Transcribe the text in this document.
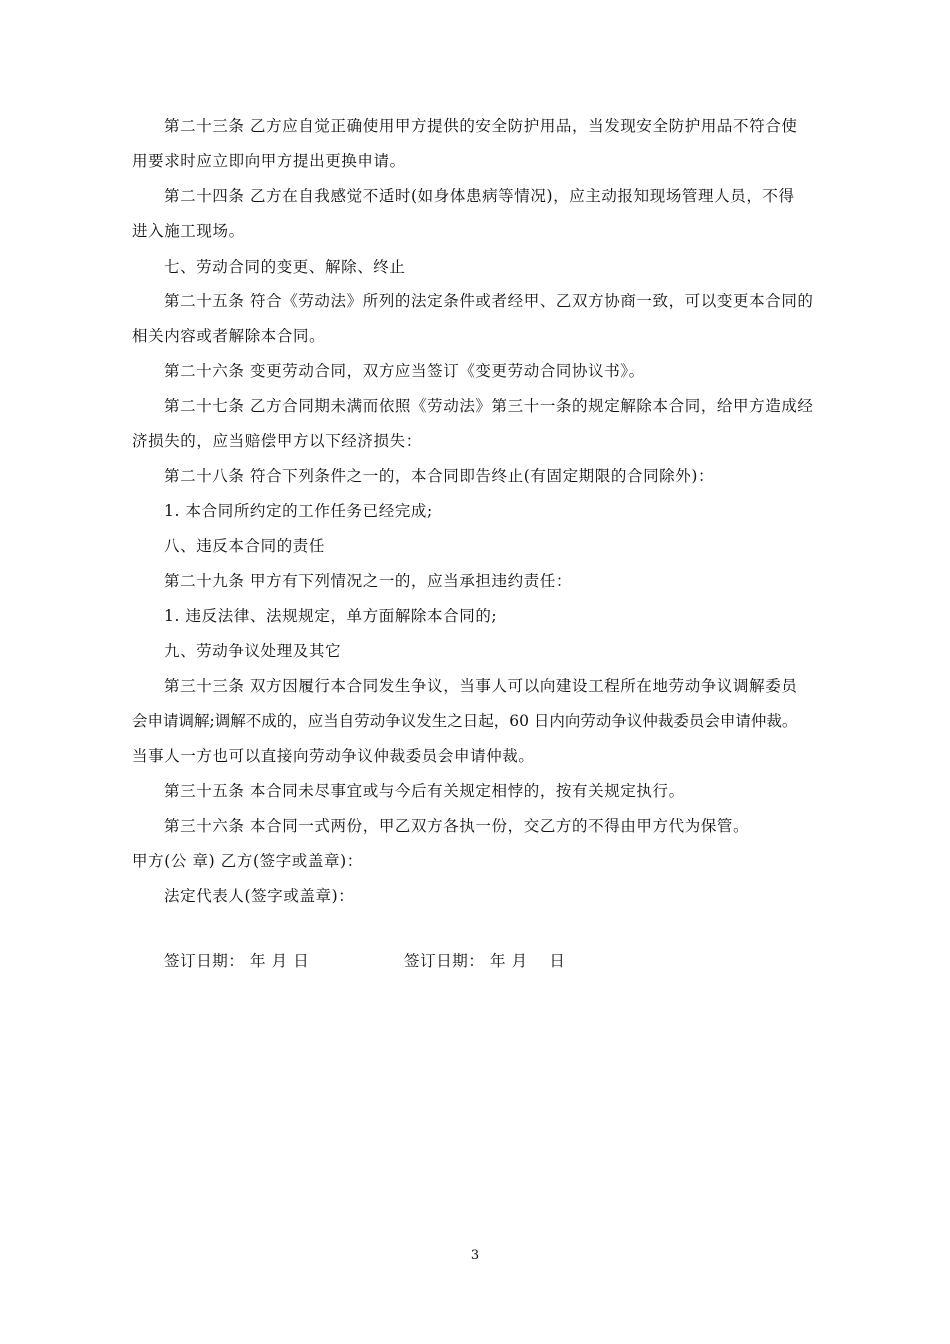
第二十三条 乙方应自觉正确使用甲方提供的安全防护用品，当发现安全防护用品不符合使
用要求时应立即向甲方提出更换申请。
第二十四条 乙方在自我感觉不适时(如身体患病等情况)，应主动报知现场管理人员，不得
进入施工现场。
七、劳动合同的变更、解除、终止
第二十五条 符合《劳动法》所列的法定条件或者经甲、乙双方协商一致，可以变更本合同的
相关内容或者解除本合同。
第二十六条 变更劳动合同，双方应当签订《变更劳动合同协议书》。
第二十七条 乙方合同期未满而依照《劳动法》第三十一条的规定解除本合同，给甲方造成经
济损失的，应当赔偿甲方以下经济损失：
第二十八条 符合下列条件之一的，本合同即告终止(有固定期限的合同除外)：
1. 本合同所约定的工作任务已经完成;
八、违反本合同的责任
第二十九条 甲方有下列情况之一的，应当承担违约责任：
1. 违反法律、法规规定，单方面解除本合同的;
九、劳动争议处理及其它
第三十三条 双方因履行本合同发生争议，当事人可以向建设工程所在地劳动争议调解委员
会申请调解;调解不成的，应当自劳动争议发生之日起，60 日内向劳动争议仲裁委员会申请仲裁。
当事人一方也可以直接向劳动争议仲裁委员会申请仲裁。
第三十五条 本合同未尽事宜或与今后有关规定相悖的，按有关规定执行。
第三十六条 本合同一式两份，甲乙双方各执一份，交乙方的不得由甲方代为保管。
甲方(公 章) 乙方(签字或盖章)：
法定代表人(签字或盖章)：
签订日期： 年 月 日	签订日期： 年 月 　日
3
